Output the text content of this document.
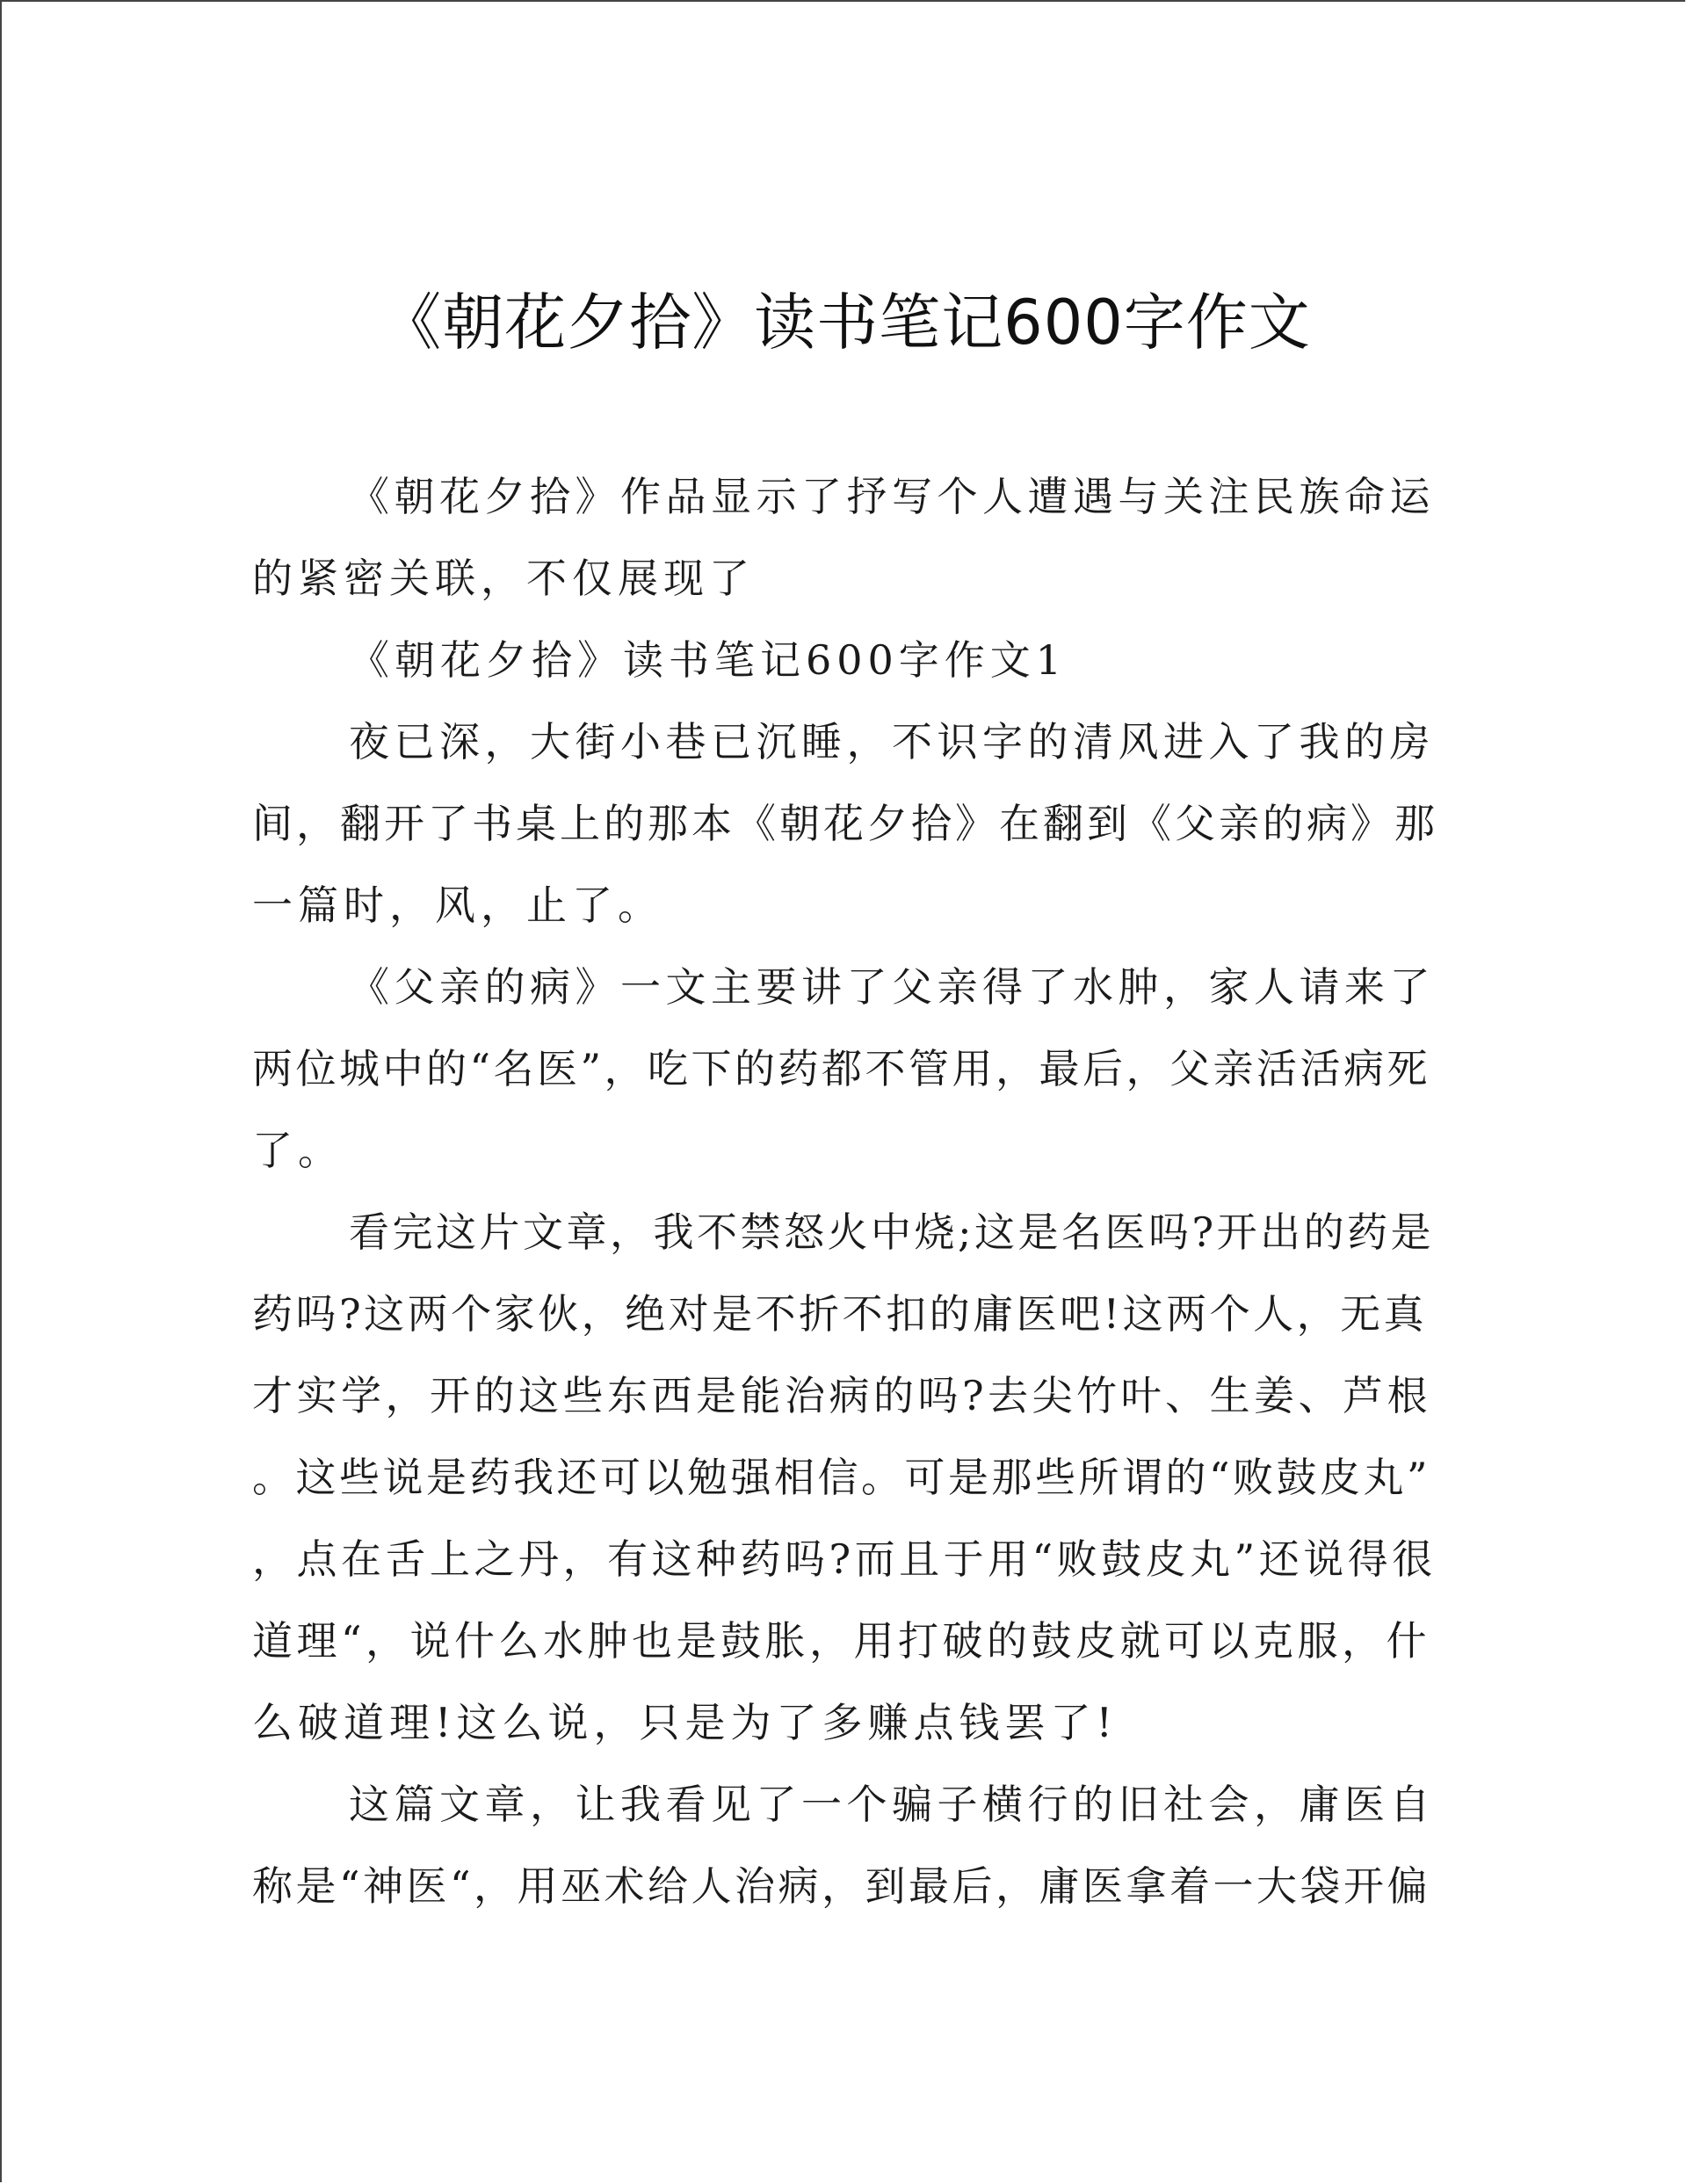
《朝花夕拾》读书笔记600字作文
《朝花夕拾》作品显示了抒写个人遭遇与关注民族命运
的紧密关联，不仅展现了
《朝花夕拾》读书笔记600字作文1
夜已深，大街小巷已沉睡，不识字的清风进入了我的房
间，翻开了书桌上的那本《朝花夕拾》在翻到《父亲的病》那
一篇时，风，止了。
《父亲的病》一文主要讲了父亲得了水肿，家人请来了
两位城中的“名医”，吃下的药都不管用，最后，父亲活活病死
了。
看完这片文章，我不禁怒火中烧;这是名医吗?开出的药是
药吗?这两个家伙，绝对是不折不扣的庸医吧!这两个人，无真
才实学，开的这些东西是能治病的吗?去尖竹叶、生姜、芦根
。这些说是药我还可以勉强相信。可是那些所谓的“败鼓皮丸”
，点在舌上之丹，有这种药吗?而且于用“败鼓皮丸”还说得很
道理“，说什么水肿也是鼓胀，用打破的鼓皮就可以克服，什
么破道理!这么说，只是为了多赚点钱罢了!
这篇文章，让我看见了一个骗子横行的旧社会，庸医自
称是“神医“，用巫术给人治病，到最后，庸医拿着一大袋开偏
